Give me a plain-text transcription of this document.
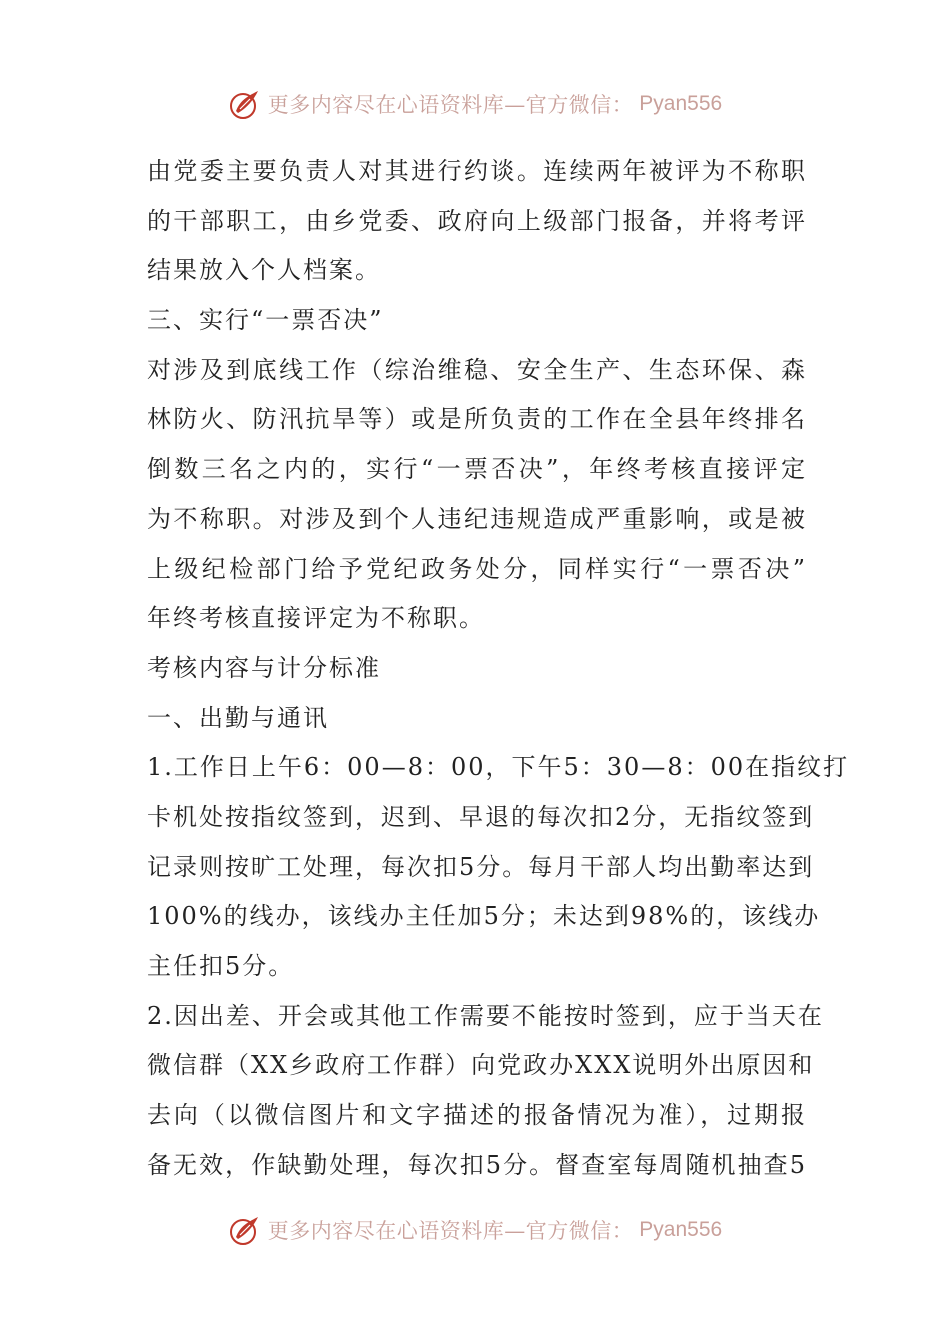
更多内容尽在心语资料库—官方微信： Pyan556
由党委主要负责人对其进行约谈。连续两年被评为不称职
的干部职工，由乡党委、政府向上级部门报备，并将考评
结果放入个人档案。
三、实行“一票否决”
对涉及到底线工作（综治维稳、安全生产、生态环保、森
林防火、防汛抗旱等）或是所负责的工作在全县年终排名
倒数三名之内的，实行“一票否决”，年终考核直接评定
为不称职。对涉及到个人违纪违规造成严重影响，或是被
上级纪检部门给予党纪政务处分，同样实行“一票否决”
年终考核直接评定为不称职。
考核内容与计分标准
一、出勤与通讯
1.工作日上午6：00—8：00，下午5：30—8：00在指纹打
卡机处按指纹签到，迟到、早退的每次扣2分，无指纹签到
记录则按旷工处理，每次扣5分。每月干部人均出勤率达到
100%的线办，该线办主任加5分；未达到98%的，该线办
主任扣5分。
2.因出差、开会或其他工作需要不能按时签到，应于当天在
微信群（XX乡政府工作群）向党政办XXX说明外出原因和
去向（以微信图片和文字描述的报备情况为准），过期报
备无效，作缺勤处理，每次扣5分。督查室每周随机抽查5
更多内容尽在心语资料库—官方微信： Pyan556
